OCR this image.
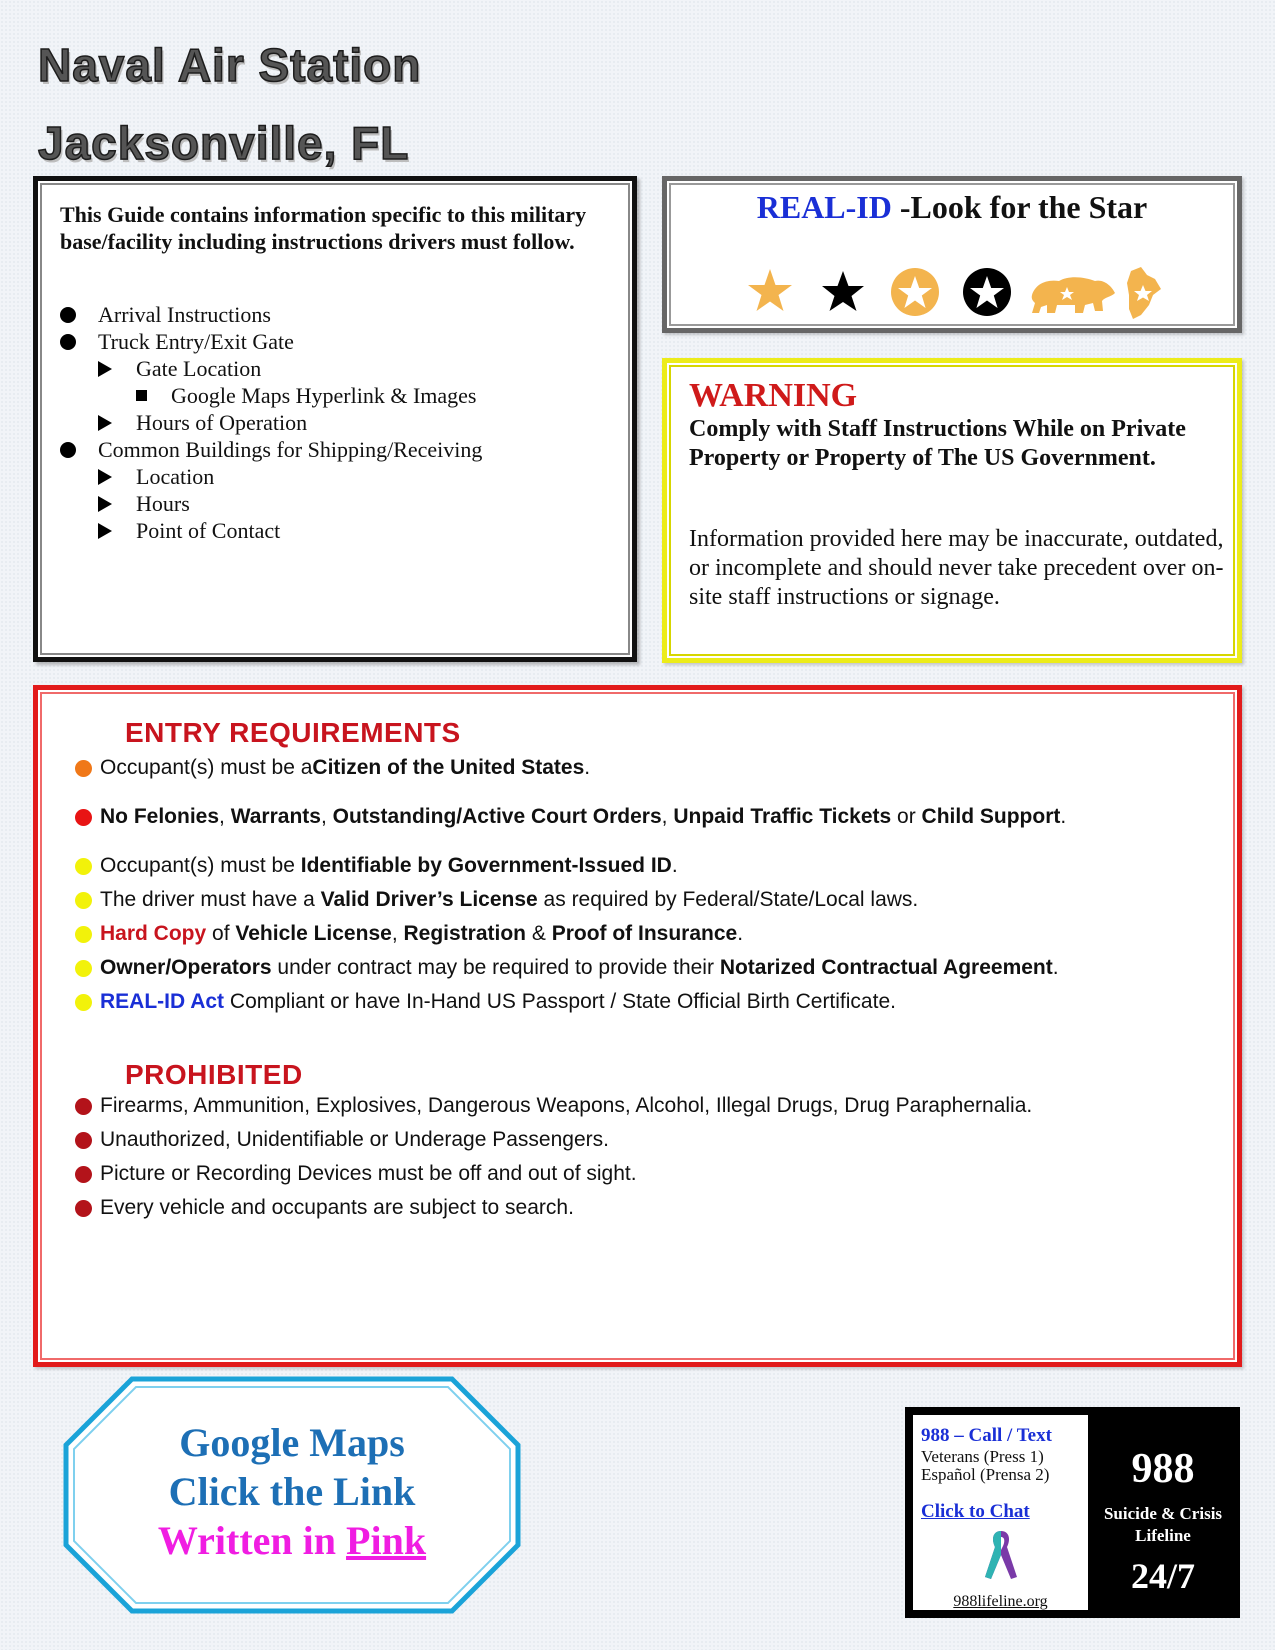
Naval Air Station
Jacksonville, FL
This Guide contains information specific to this military base/facility including instructions drivers must follow.
Arrival Instructions
Truck Entry/Exit Gate
Gate Location
Google Maps Hyperlink & Images
Hours of Operation
Common Buildings for Shipping/Receiving
Location
Hours
Point of Contact
REAL-ID -Look for the Star
WARNING
Comply with Staff Instructions While on Private Property or Property of The US Government.
Information provided here may be inaccurate, outdated, or incomplete and should never take precedent over on-site staff instructions or signage.
ENTRY REQUIREMENTS
Occupant(s) must be a Citizen of the United States .
No Felonies , Warrants , Outstanding/Active Court Orders , Unpaid Traffic Tickets or Child Support .
Occupant(s) must be Identifiable by Government-Issued ID .
The driver must have a Valid Driver’s License as required by Federal/State/Local laws.
Hard Copy of Vehicle License , Registration & Proof of Insurance .
Owner/Operators under contract may be required to provide their Notarized Contractual Agreement .
REAL-ID Act Compliant or have In-Hand US Passport / State Official Birth Certificate.
PROHIBITED
Firearms, Ammunition, Explosives, Dangerous Weapons, Alcohol, Illegal Drugs, Drug Paraphernalia.
Unauthorized, Unidentifiable or Underage Passengers.
Picture or Recording Devices must be off and out of sight.
Every vehicle and occupants are subject to search.
Google Maps
Click the Link
Written in Pink
988 – Call / Text
Veterans (Press 1)
Español (Prensa 2)
Click to Chat
988lifeline.org
988
Suicide & Crisis
Lifeline
24/7
